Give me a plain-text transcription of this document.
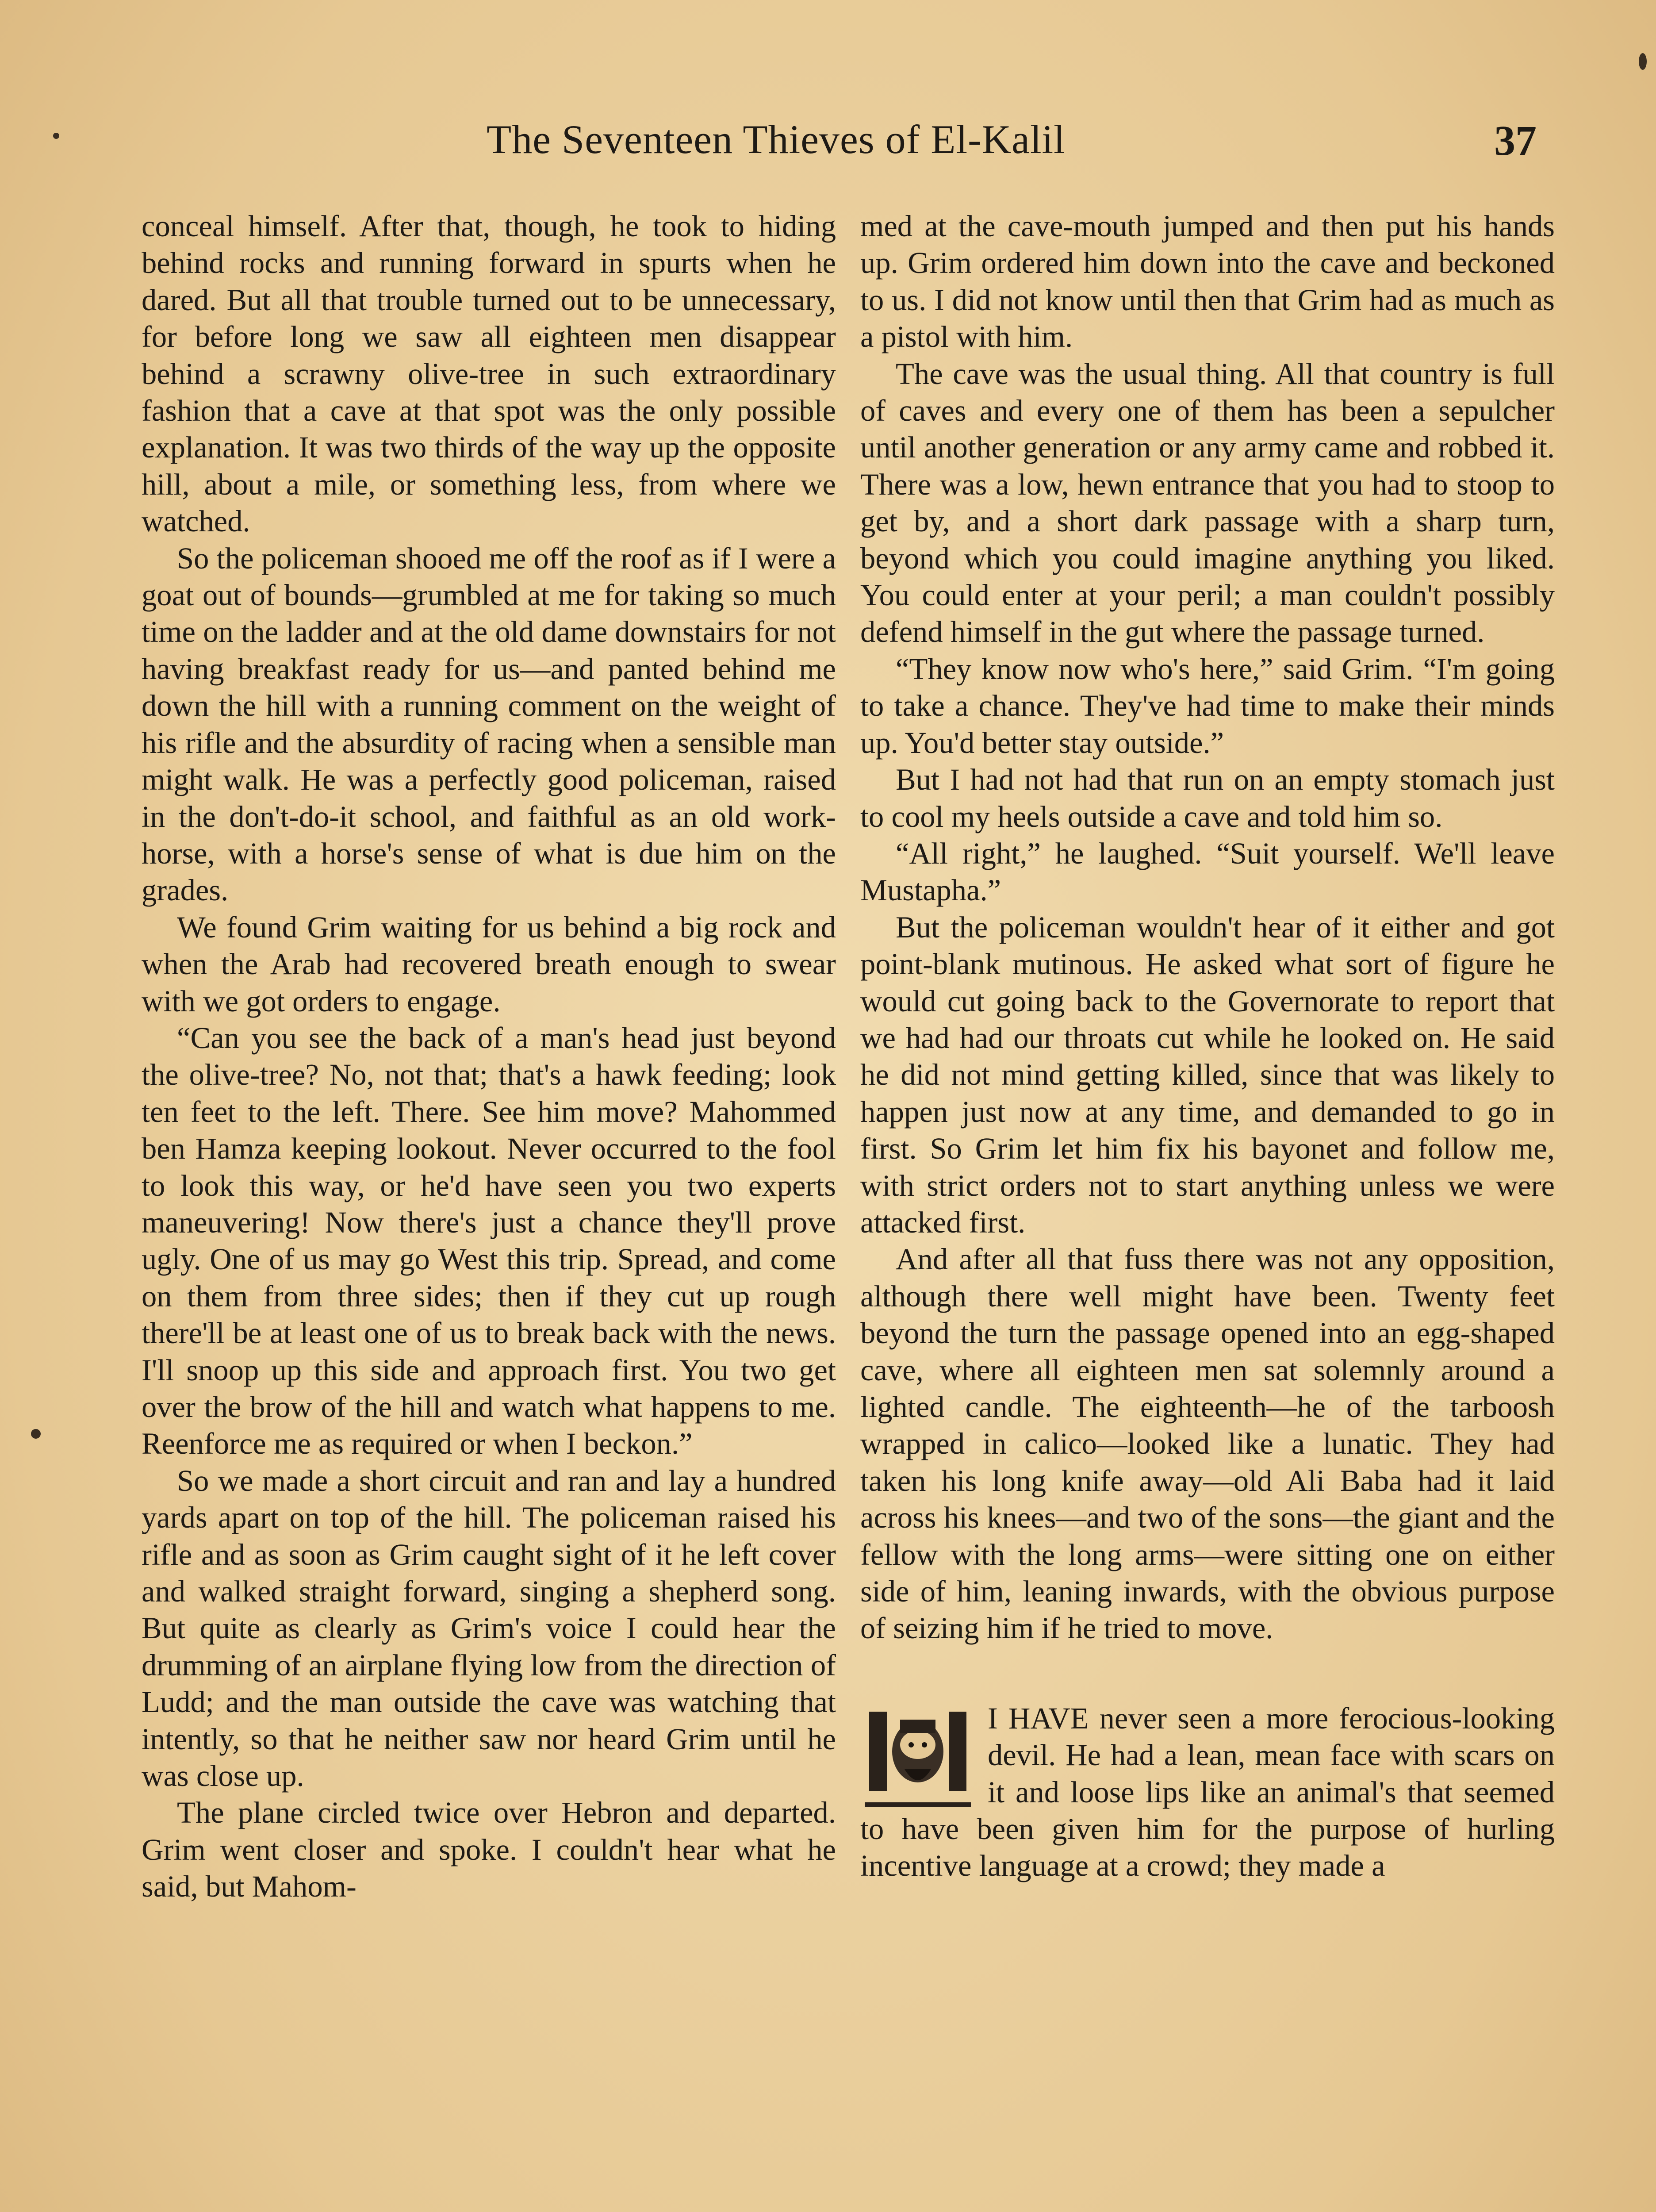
The Seventeen Thieves of El-Kalil	37

conceal himself. After that, though, he took to hiding behind rocks and running forward in spurts when he dared. But all that trouble turned out to be unnecessary, for before long we saw all eighteen men disappear behind a scrawny olive-tree in such extraordinary fashion that a cave at that spot was the only possible explanation. It was two thirds of the way up the opposite hill, about a mile, or something less, from where we watched.

So the policeman shooed me off the roof as if I were a goat out of bounds—grumbled at me for taking so much time on the ladder and at the old dame downstairs for not having breakfast ready for us—and panted behind me down the hill with a running comment on the weight of his rifle and the absurdity of racing when a sensible man might walk. He was a perfectly good policeman, raised in the don't-do-it school, and faithful as an old work-horse, with a horse's sense of what is due him on the grades.

We found Grim waiting for us behind a big rock and when the Arab had recovered breath enough to swear with we got orders to engage.

“Can you see the back of a man's head just beyond the olive-tree? No, not that; that's a hawk feeding; look ten feet to the left. There. See him move? Mahommed ben Hamza keeping lookout. Never occurred to the fool to look this way, or he'd have seen you two experts maneuvering! Now there's just a chance they'll prove ugly. One of us may go West this trip. Spread, and come on them from three sides; then if they cut up rough there'll be at least one of us to break back with the news. I'll snoop up this side and approach first. You two get over the brow of the hill and watch what happens to me. Reenforce me as required or when I beckon.”

So we made a short circuit and ran and lay a hundred yards apart on top of the hill. The policeman raised his rifle and as soon as Grim caught sight of it he left cover and walked straight forward, singing a shepherd song. But quite as clearly as Grim's voice I could hear the drumming of an airplane flying low from the direction of Ludd; and the man outside the cave was watching that intently, so that he neither saw nor heard Grim until he was close up.

The plane circled twice over Hebron and departed. Grim went closer and spoke. I couldn't hear what he said, but Mahom-

med at the cave-mouth jumped and then put his hands up. Grim ordered him down into the cave and beckoned to us. I did not know until then that Grim had as much as a pistol with him.

The cave was the usual thing. All that country is full of caves and every one of them has been a sepulcher until another generation or any army came and robbed it. There was a low, hewn entrance that you had to stoop to get by, and a short dark passage with a sharp turn, beyond which you could imagine anything you liked. You could enter at your peril; a man couldn't possibly defend himself in the gut where the passage turned.

“They know now who's here,” said Grim. “I'm going to take a chance. They've had time to make their minds up. You'd better stay outside.”

But I had not had that run on an empty stomach just to cool my heels outside a cave and told him so.

“All right,” he laughed. “Suit yourself. We'll leave Mustapha.”

But the policeman wouldn't hear of it either and got point-blank mutinous. He asked what sort of figure he would cut going back to the Governorate to report that we had had our throats cut while he looked on. He said he did not mind getting killed, since that was likely to happen just now at any time, and demanded to go in first. So Grim let him fix his bayonet and follow me, with strict orders not to start anything unless we were attacked first.

And after all that fuss there was not any opposition, although there well might have been. Twenty feet beyond the turn the passage opened into an egg-shaped cave, where all eighteen men sat solemnly around a lighted candle. The eighteenth—he of the tarboosh wrapped in calico—looked like a lunatic. They had taken his long knife away—old Ali Baba had it laid across his knees—and two of the sons—the giant and the fellow with the long arms—were sitting one on either side of him, leaning inwards, with the obvious purpose of seizing him if he tried to move.

I HAVE never seen a more ferocious-looking devil. He had a lean, mean face with scars on it and loose lips like an animal's that seemed to have been given him for the purpose of hurling incentive language at a crowd; they made a
